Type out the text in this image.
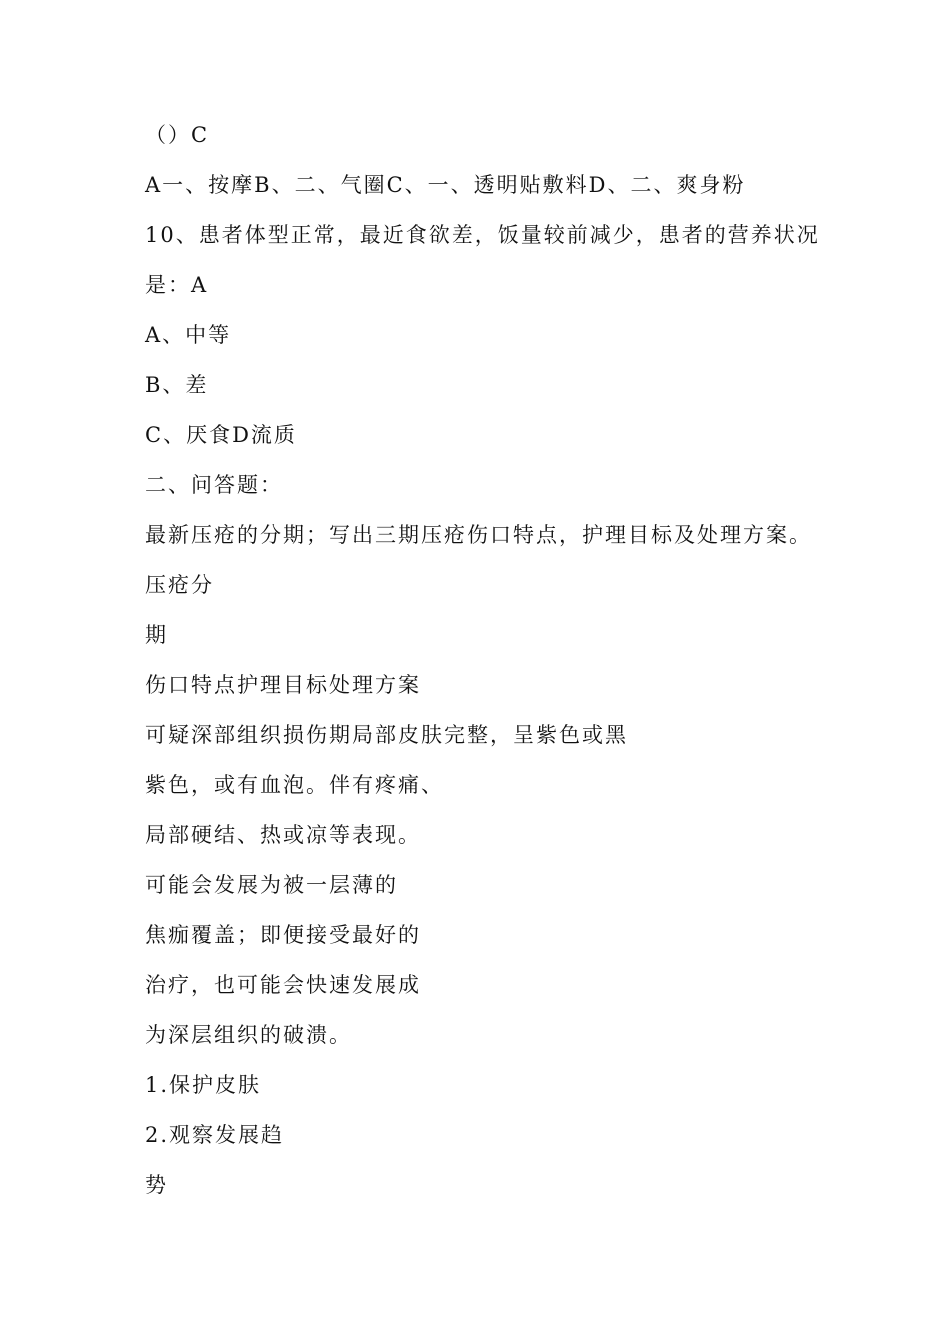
（）C
A一、按摩B、二、气圈C、一、透明贴敷料D、二、爽身粉
10、患者体型正常，最近食欲差，饭量较前减少，患者的营养状况
是：A
A、中等
B、差
C、厌食D流质
二、问答题：
最新压疮的分期；写出三期压疮伤口特点，护理目标及处理方案。
压疮分
期
伤口特点护理目标处理方案
可疑深部组织损伤期局部皮肤完整，呈紫色或黑
紫色，或有血泡。伴有疼痛、
局部硬结、热或凉等表现。
可能会发展为被一层薄的
焦痂覆盖；即便接受最好的
治疗，也可能会快速发展成
为深层组织的破溃。
1.保护皮肤
2.观察发展趋
势
